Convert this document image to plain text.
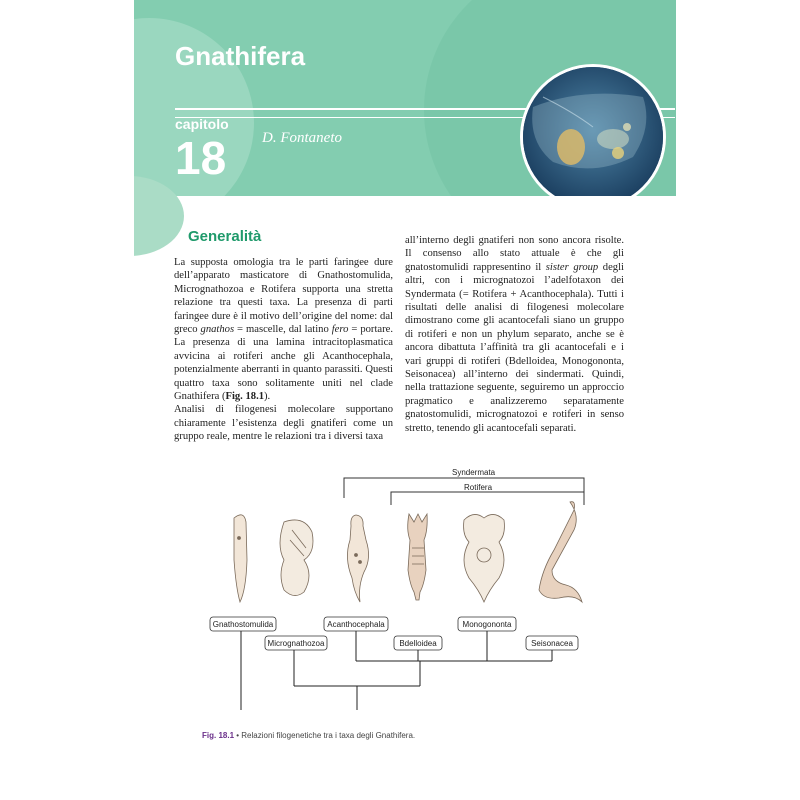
Gnathifera
capitolo
18 D. Fontaneto
Generalità

La supposta omologia tra le parti faringee dure dell’apparato masticatore di Gnathostomulida, Micrognathozoa e Rotifera supporta una stretta relazione tra questi taxa. La presenza di parti faringee dure è il motivo dell’origine del nome: dal greco gnathos = mascelle, dal latino fero = portare. La presenza di una lamina intracitoplasmatica avvicina ai rotiferi anche gli Acanthocephala, potenzialmente aberranti in quanto parassiti. Questi quattro taxa sono solitamente uniti nel clade Gnathifera (Fig. 18.1).

Analisi di filogenesi molecolare supportano chiaramente l’esistenza degli gnatiferi come un gruppo reale, mentre le relazioni tra i diversi taxa

all’interno degli gnatiferi non sono ancora risolte. Il consenso allo stato attuale è che gli gnatostomulidi rappresentino il sister group degli altri, con i micrognatozoi l’adelfotaxon dei Syndermata (= Rotifera + Acanthocephala). Tutti i risultati delle analisi di filogenesi molecolare dimostrano come gli acantocefali siano un gruppo di rotiferi e non un phylum separato, anche se è ancora dibattuta l’affinità tra gli acantocefali e i vari gruppi di rotiferi (Bdelloidea, Monogononta, Seisonacea) all’interno dei sindermati. Quindi, nella trattazione seguente, seguiremo un approccio pragmatico e analizzeremo separatamente gnatostomulidi, micrognatozoi e rotiferi in senso stretto, tenendo gli acantocefali separati.

Syndermata
Rotifera
Gnathostomulida
Micrognathozoa
Acanthocephala
Bdelloidea
Monogononta
Seisonacea
Fig. 18.1 • Relazioni filogenetiche tra i taxa degli Gnathifera.
